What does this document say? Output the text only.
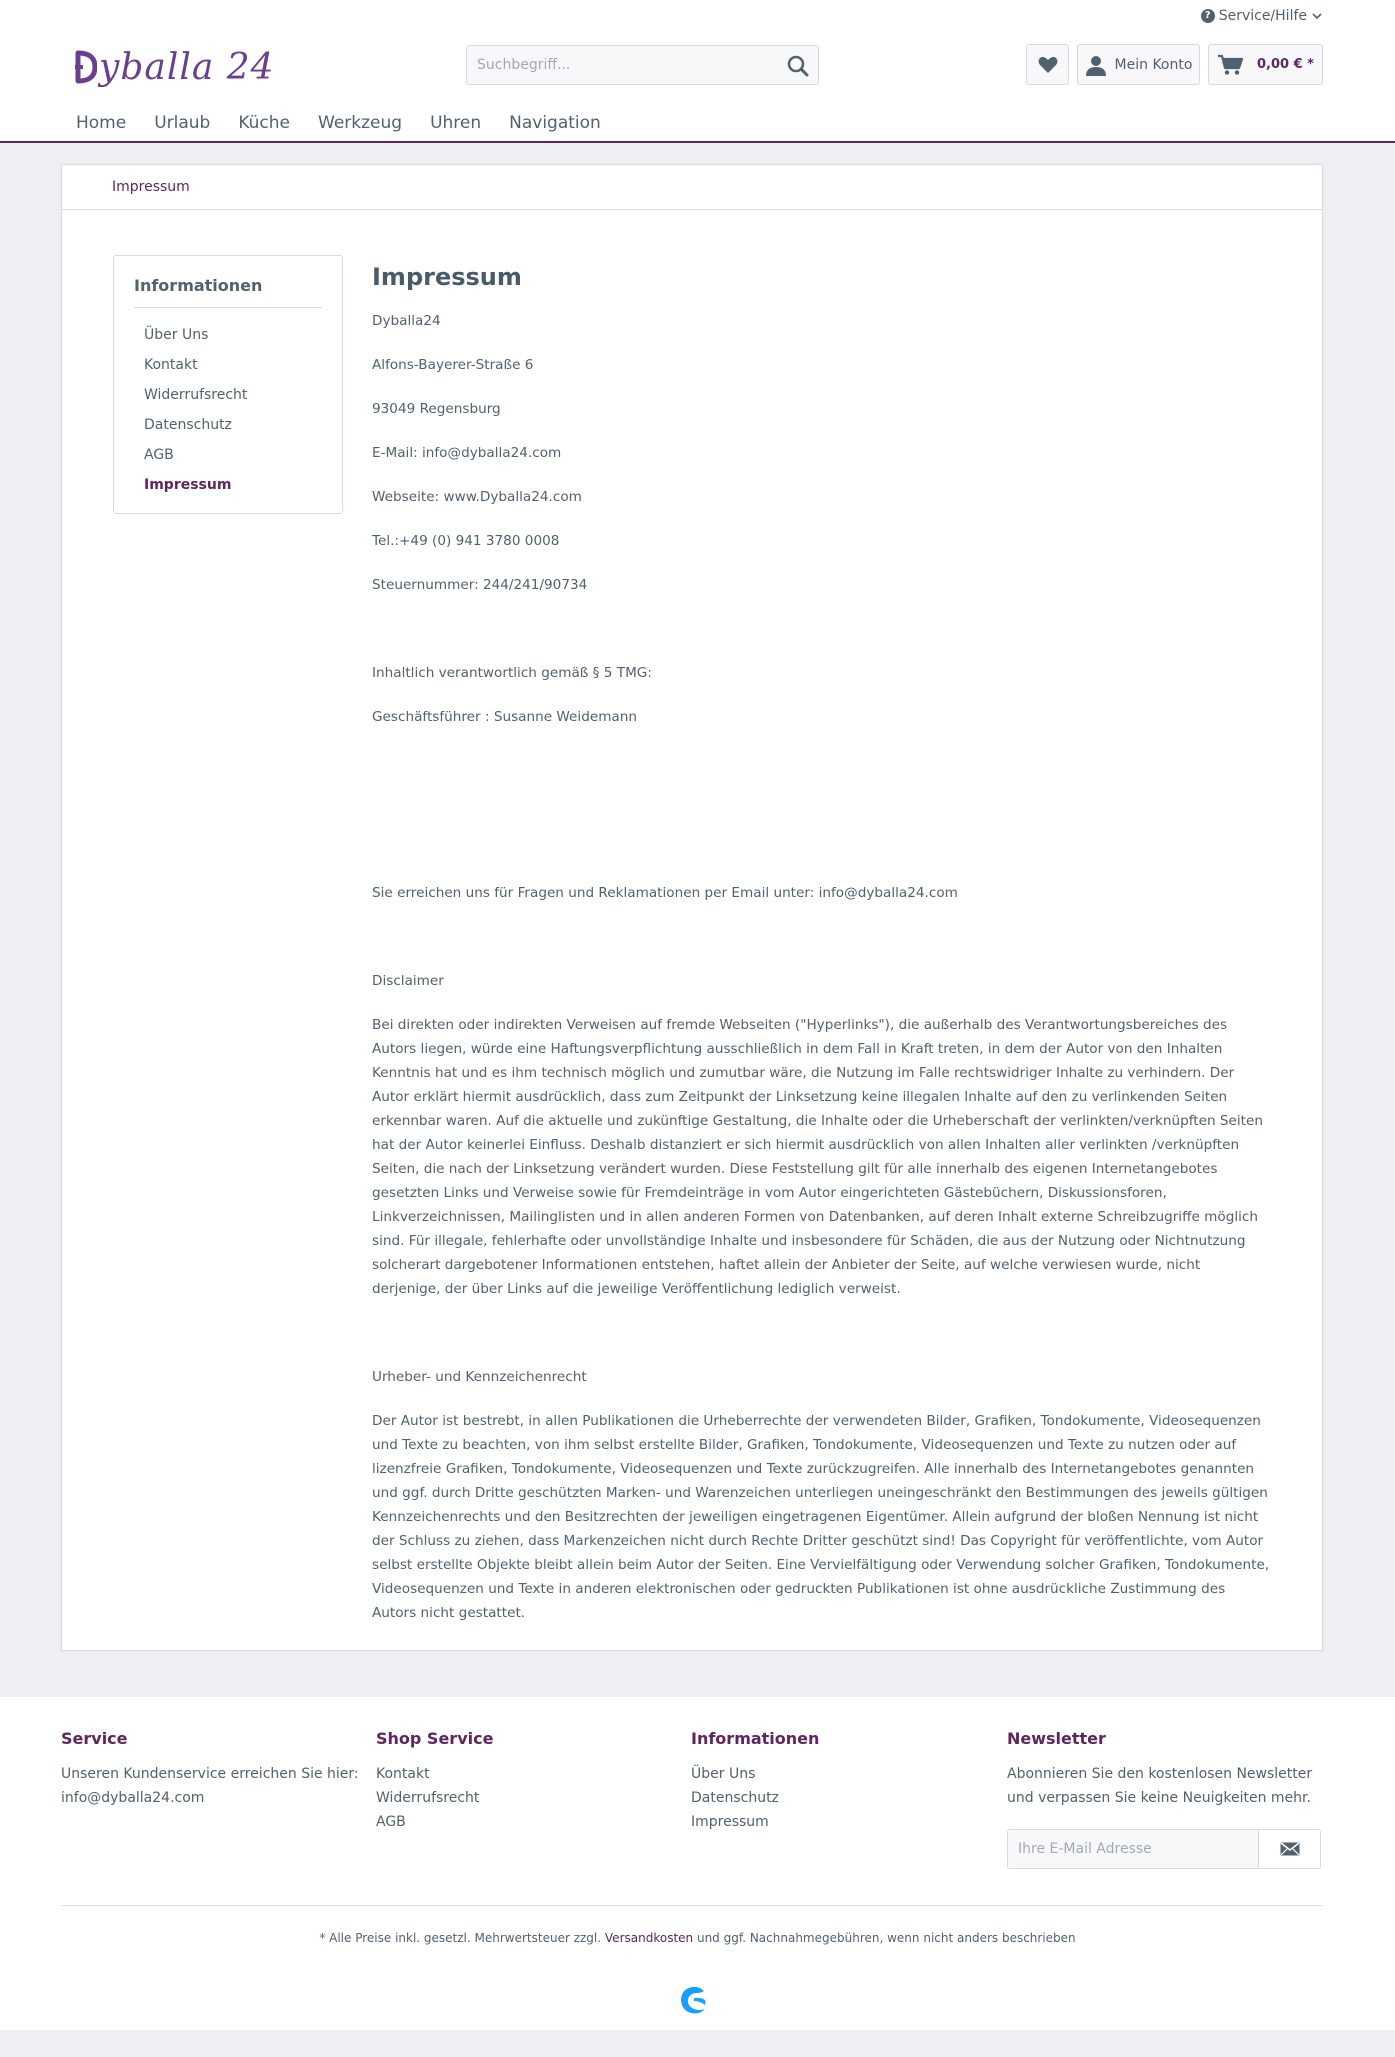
? Service/Hilfe
yballa 24
Suchbegriff...	Mein Konto	0,00 € *
Home Urlaub Küche Werkzeug Uhren Navigation
Impressum
Informationen
Über Uns
Kontakt
Widerrufsrecht
Datenschutz
AGB
Impressum
Impressum

Dyballa24

Alfons-Bayerer-Straße 6

93049 Regensburg

E-Mail: info@dyballa24.com

Webseite: www.Dyballa24.com

Tel.:+49 (0) 941 3780 0008

Steuernummer: 244/241/90734

Inhaltlich verantwortlich gemäß § 5 TMG:

Geschäftsführer : Susanne Weidemann

Sie erreichen uns für Fragen und Reklamationen per Email unter: info@dyballa24.com

Disclaimer

Bei direkten oder indirekten Verweisen auf fremde Webseiten ("Hyperlinks"), die außerhalb des Verantwortungsbereiches des Autors liegen, würde eine Haftungsverpflichtung ausschließlich in dem Fall in Kraft treten, in dem der Autor von den Inhalten Kenntnis hat und es ihm technisch möglich und zumutbar wäre, die Nutzung im Falle rechtswidriger Inhalte zu verhindern. Der Autor erklärt hiermit ausdrücklich, dass zum Zeitpunkt der Linksetzung keine illegalen Inhalte auf den zu verlinkenden Seiten erkennbar waren. Auf die aktuelle und zukünftige Gestaltung, die Inhalte oder die Urheberschaft der verlinkten/verknüpften Seiten hat der Autor keinerlei Einfluss. Deshalb distanziert er sich hiermit ausdrücklich von allen Inhalten aller verlinkten /verknüpften Seiten, die nach der Linksetzung verändert wurden. Diese Feststellung gilt für alle innerhalb des eigenen Internetangebotes gesetzten Links und Verweise sowie für Fremdeinträge in vom Autor eingerichteten Gästebüchern, Diskussionsforen, Linkverzeichnissen, Mailinglisten und in allen anderen Formen von Datenbanken, auf deren Inhalt externe Schreibzugriffe möglich sind. Für illegale, fehlerhafte oder unvollständige Inhalte und insbesondere für Schäden, die aus der Nutzung oder Nichtnutzung solcherart dargebotener Informationen entstehen, haftet allein der Anbieter der Seite, auf welche verwiesen wurde, nicht derjenige, der über Links auf die jeweilige Veröffentlichung lediglich verweist.

Urheber- und Kennzeichenrecht

Der Autor ist bestrebt, in allen Publikationen die Urheberrechte der verwendeten Bilder, Grafiken, Tondokumente, Videosequenzen und Texte zu beachten, von ihm selbst erstellte Bilder, Grafiken, Tondokumente, Videosequenzen und Texte zu nutzen oder auf lizenzfreie Grafiken, Tondokumente, Videosequenzen und Texte zurückzugreifen. Alle innerhalb des Internetangebotes genannten und ggf. durch Dritte geschützten Marken- und Warenzeichen unterliegen uneingeschränkt den Bestimmungen des jeweils gültigen Kennzeichenrechts und den Besitzrechten der jeweiligen eingetragenen Eigentümer. Allein aufgrund der bloßen Nennung ist nicht der Schluss zu ziehen, dass Markenzeichen nicht durch Rechte Dritter geschützt sind! Das Copyright für veröffentlichte, vom Autor selbst erstellte Objekte bleibt allein beim Autor der Seiten. Eine Vervielfältigung oder Verwendung solcher Grafiken, Tondokumente, Videosequenzen und Texte in anderen elektronischen oder gedruckten Publikationen ist ohne ausdrückliche Zustimmung des Autors nicht gestattet.

Service

Unseren Kundenservice erreichen Sie hier:

info@dyballa24.com

Shop Service
Kontakt
Widerrufsrecht
AGB
Informationen
Über Uns
Datenschutz
Impressum
Newsletter

Abonnieren Sie den kostenlosen Newsletter und verpassen Sie keine Neuigkeiten mehr.

Ihre E-Mail Adresse
* Alle Preise inkl. gesetzl. Mehrwertsteuer zzgl. Versandkosten und ggf. Nachnahmegebühren, wenn nicht anders beschrieben
